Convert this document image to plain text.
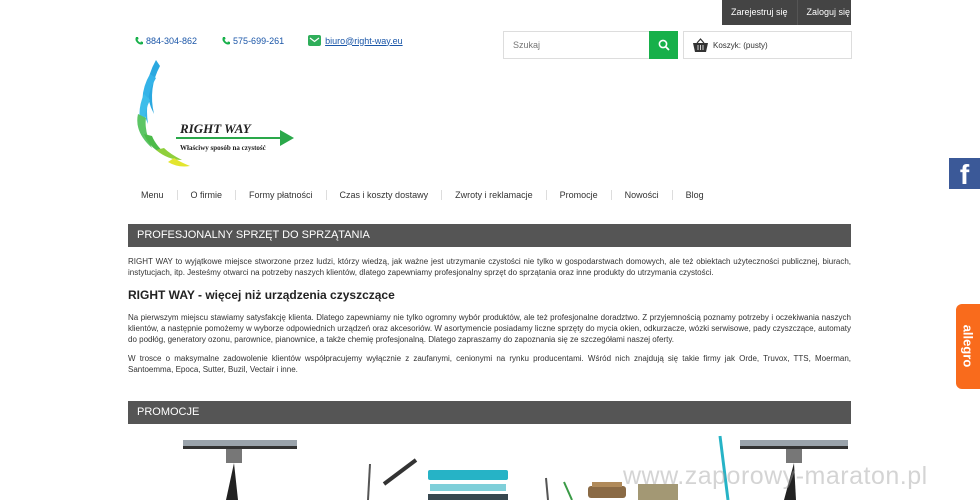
Zarejestruj się	Zaloguj się
884-304-862	575-699-261	biuro@right-way.eu
Szukaj	Koszyk:
(pusty)
RIGHT WAY
Właściwy sposób na czystość
Menu	O firmie	Formy płatności	Czas i koszty dostawy	Zwroty i reklamacje	Promocje	Nowości	Blog
PROFESJONALNY SPRZĘT DO SPRZĄTANIA

RIGHT WAY to wyjątkowe miejsce stworzone przez ludzi, którzy wiedzą, jak ważne jest utrzymanie czystości nie tylko w gospodarstwach domowych, ale też obiektach użyteczności publicznej, biurach, instytucjach, itp. Jesteśmy otwarci na potrzeby naszych klientów, dlatego zapewniamy profesjonalny sprzęt do sprzątania oraz inne produkty do utrzymania czystości.

RIGHT WAY - więcej niż urządzenia czyszczące

Na pierwszym miejscu stawiamy satysfakcję klienta. Dlatego zapewniamy nie tylko ogromny wybór produktów, ale też profesjonalne doradztwo. Z przyjemnością poznamy potrzeby i oczekiwania naszych klientów, a następnie pomożemy w wyborze odpowiednich urządzeń oraz akcesoriów. W asortymencie posiadamy liczne sprzęty do mycia okien, odkurzacze, wózki serwisowe, pady czyszczące, automaty do podłóg, generatory ozonu, parownice, pianownice, a także chemię profesjonalną. Dlatego zapraszamy do zapoznania się ze szczegółami naszej oferty.

W trosce o maksymalne zadowolenie klientów współpracujemy wyłącznie z zaufanymi, cenionymi na rynku producentami. Wśród nich znajdują się takie firmy jak Orde, Truvox, TTS, Moerman, Santoemma, Epoca, Sutter, Buzil, Vectair i inne.

PROMOCJE
f
allegro
www.zaporowy-maraton.pl
